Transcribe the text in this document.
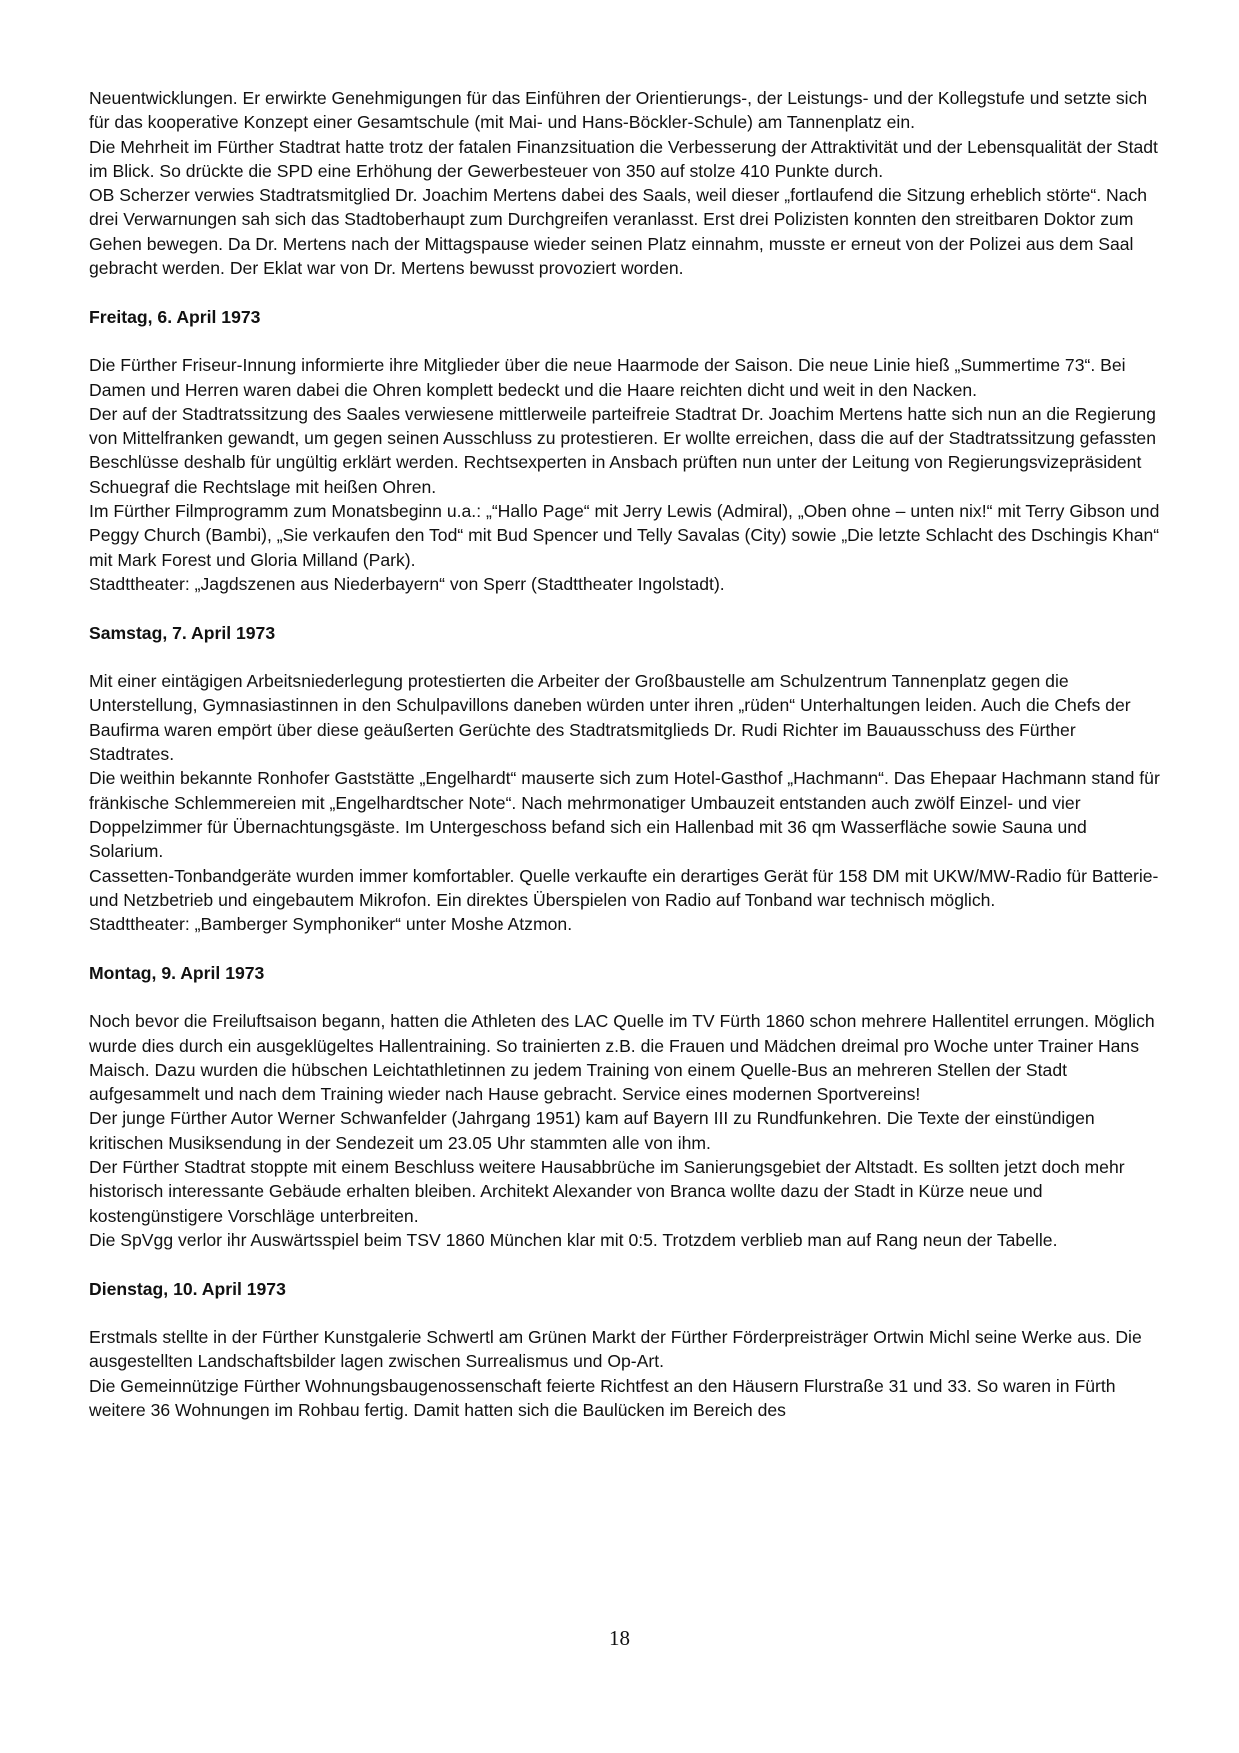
Neuentwicklungen. Er erwirkte Genehmigungen für das Einführen der Orientierungs-, der Leistungs- und der Kollegstufe und setzte sich für das kooperative Konzept einer Gesamtschule (mit Mai- und Hans-Böckler-Schule) am Tannenplatz ein.

Die Mehrheit im Fürther Stadtrat hatte trotz der fatalen Finanzsituation die Verbesserung der Attraktivität und der Lebensqualität der Stadt im Blick. So drückte die SPD eine Erhöhung der Gewerbesteuer von 350 auf stolze 410 Punkte durch.

OB Scherzer verwies Stadtratsmitglied Dr. Joachim Mertens dabei des Saals, weil dieser „fortlaufend die Sitzung erheblich störte“. Nach drei Verwarnungen sah sich das Stadtoberhaupt zum Durchgreifen veranlasst. Erst drei Polizisten konnten den streitbaren Doktor zum Gehen bewegen. Da Dr. Mertens nach der Mittagspause wieder seinen Platz einnahm, musste er erneut von der Polizei aus dem Saal gebracht werden. Der Eklat war von Dr. Mertens bewusst provoziert worden.

Freitag, 6. April 1973

Die Fürther Friseur-Innung informierte ihre Mitglieder über die neue Haarmode der Saison. Die neue Linie hieß „Summertime 73“. Bei Damen und Herren waren dabei die Ohren komplett bedeckt und die Haare reichten dicht und weit in den Nacken.

Der auf der Stadtratssitzung des Saales verwiesene mittlerweile parteifreie Stadtrat Dr. Joachim Mertens hatte sich nun an die Regierung von Mittelfranken gewandt, um gegen seinen Ausschluss zu protestieren. Er wollte erreichen, dass die auf der Stadtratssitzung gefassten Beschlüsse deshalb für ungültig erklärt werden. Rechtsexperten in Ansbach prüften nun unter der Leitung von Regierungsvizepräsident Schuegraf die Rechtslage mit heißen Ohren.

Im Fürther Filmprogramm zum Monatsbeginn u.a.: „“Hallo Page“ mit Jerry Lewis (Admiral), „Oben ohne – unten nix!“ mit Terry Gibson und Peggy Church (Bambi), „Sie verkaufen den Tod“ mit Bud Spencer und Telly Savalas (City) sowie „Die letzte Schlacht des Dschingis Khan“ mit Mark Forest und Gloria Milland (Park).

Stadttheater: „Jagdszenen aus Niederbayern“ von Sperr (Stadttheater Ingolstadt).

Samstag, 7. April 1973

Mit einer eintägigen Arbeitsniederlegung protestierten die Arbeiter der Großbaustelle am Schulzentrum Tannenplatz gegen die Unterstellung, Gymnasiastinnen in den Schulpavillons daneben würden unter ihren „rüden“ Unterhaltungen leiden. Auch die Chefs der Baufirma waren empört über diese geäußerten Gerüchte des Stadtratsmitglieds Dr. Rudi Richter im Bauausschuss des Fürther Stadtrates.

Die weithin bekannte Ronhofer Gaststätte „Engelhardt“ mauserte sich zum Hotel-Gasthof „Hachmann“. Das Ehepaar Hachmann stand für fränkische Schlemmereien mit „Engelhardtscher Note“. Nach mehrmonatiger Umbauzeit entstanden auch zwölf Einzel- und vier Doppelzimmer für Übernachtungsgäste. Im Untergeschoss befand sich ein Hallenbad mit 36 qm Wasserfläche sowie Sauna und Solarium.

Cassetten-Tonbandgeräte wurden immer komfortabler. Quelle verkaufte ein derartiges Gerät für 158 DM mit UKW/MW-Radio für Batterie- und Netzbetrieb und eingebautem Mikrofon. Ein direktes Überspielen von Radio auf Tonband war technisch möglich.

Stadttheater: „Bamberger Symphoniker“ unter Moshe Atzmon.

Montag, 9. April 1973

Noch bevor die Freiluftsaison begann, hatten die Athleten des LAC Quelle im TV Fürth 1860 schon mehrere Hallentitel errungen. Möglich wurde dies durch ein ausgeklügeltes Hallentraining. So trainierten z.B. die Frauen und Mädchen dreimal pro Woche unter Trainer Hans Maisch. Dazu wurden die hübschen Leichtathletinnen zu jedem Training von einem Quelle-Bus an mehreren Stellen der Stadt aufgesammelt und nach dem Training wieder nach Hause gebracht. Service eines modernen Sportvereins!

Der junge Fürther Autor Werner Schwanfelder (Jahrgang 1951) kam auf Bayern III zu Rundfunkehren. Die Texte der einstündigen kritischen Musiksendung in der Sendezeit um 23.05 Uhr stammten alle von ihm.

Der Fürther Stadtrat stoppte mit einem Beschluss weitere Hausabbrüche im Sanierungsgebiet der Altstadt. Es sollten jetzt doch mehr historisch interessante Gebäude erhalten bleiben. Architekt Alexander von Branca wollte dazu der Stadt in Kürze neue und kostengünstigere Vorschläge unterbreiten.

Die SpVgg verlor ihr Auswärtsspiel beim TSV 1860 München klar mit 0:5. Trotzdem verblieb man auf Rang neun der Tabelle.

Dienstag, 10. April 1973

Erstmals stellte in der Fürther Kunstgalerie Schwertl am Grünen Markt der Fürther Förderpreisträger Ortwin Michl seine Werke aus. Die ausgestellten Landschaftsbilder lagen zwischen Surrealismus und Op-Art.

Die Gemeinnützige Fürther Wohnungsbaugenossenschaft feierte Richtfest an den Häusern Flurstraße 31 und 33. So waren in Fürth weitere 36 Wohnungen im Rohbau fertig. Damit hatten sich die Baulücken im Bereich des

18
